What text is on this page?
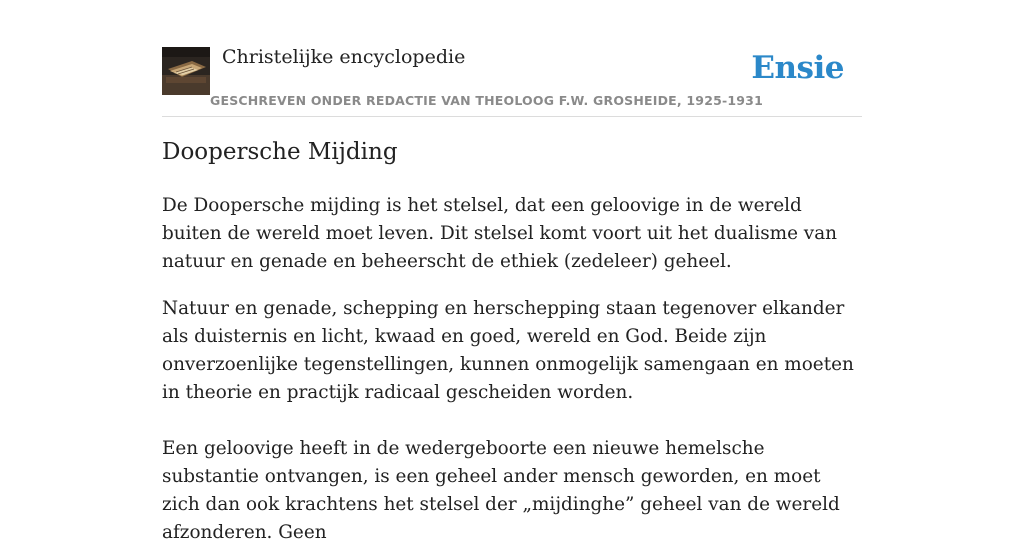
Christelijke encyclopedie
GESCHREVEN ONDER REDACTIE VAN THEOLOOG F.W. GROSHEIDE, 1925-1931
Ensie
Doopersche Mijding

De Doopersche mijding is het stelsel, dat een geloovige in de wereld buiten de wereld moet leven. Dit stelsel komt voort uit het dualisme van natuur en genade en beheerscht de ethiek (zedeleer) geheel.

Natuur en genade, schepping en herschepping staan tegenover elkander als duisternis en licht, kwaad en goed, wereld en God. Beide zijn onverzoenlijke tegenstellingen, kunnen onmogelijk samengaan en moeten in theorie en practijk radicaal gescheiden worden.

Een geloovige heeft in de wedergeboorte een nieuwe hemelsche substantie ontvangen, is een geheel ander mensch geworden, en moet zich dan ook krachtens het stelsel der „mijdinghe” geheel van de wereld afzonderen. Geen
